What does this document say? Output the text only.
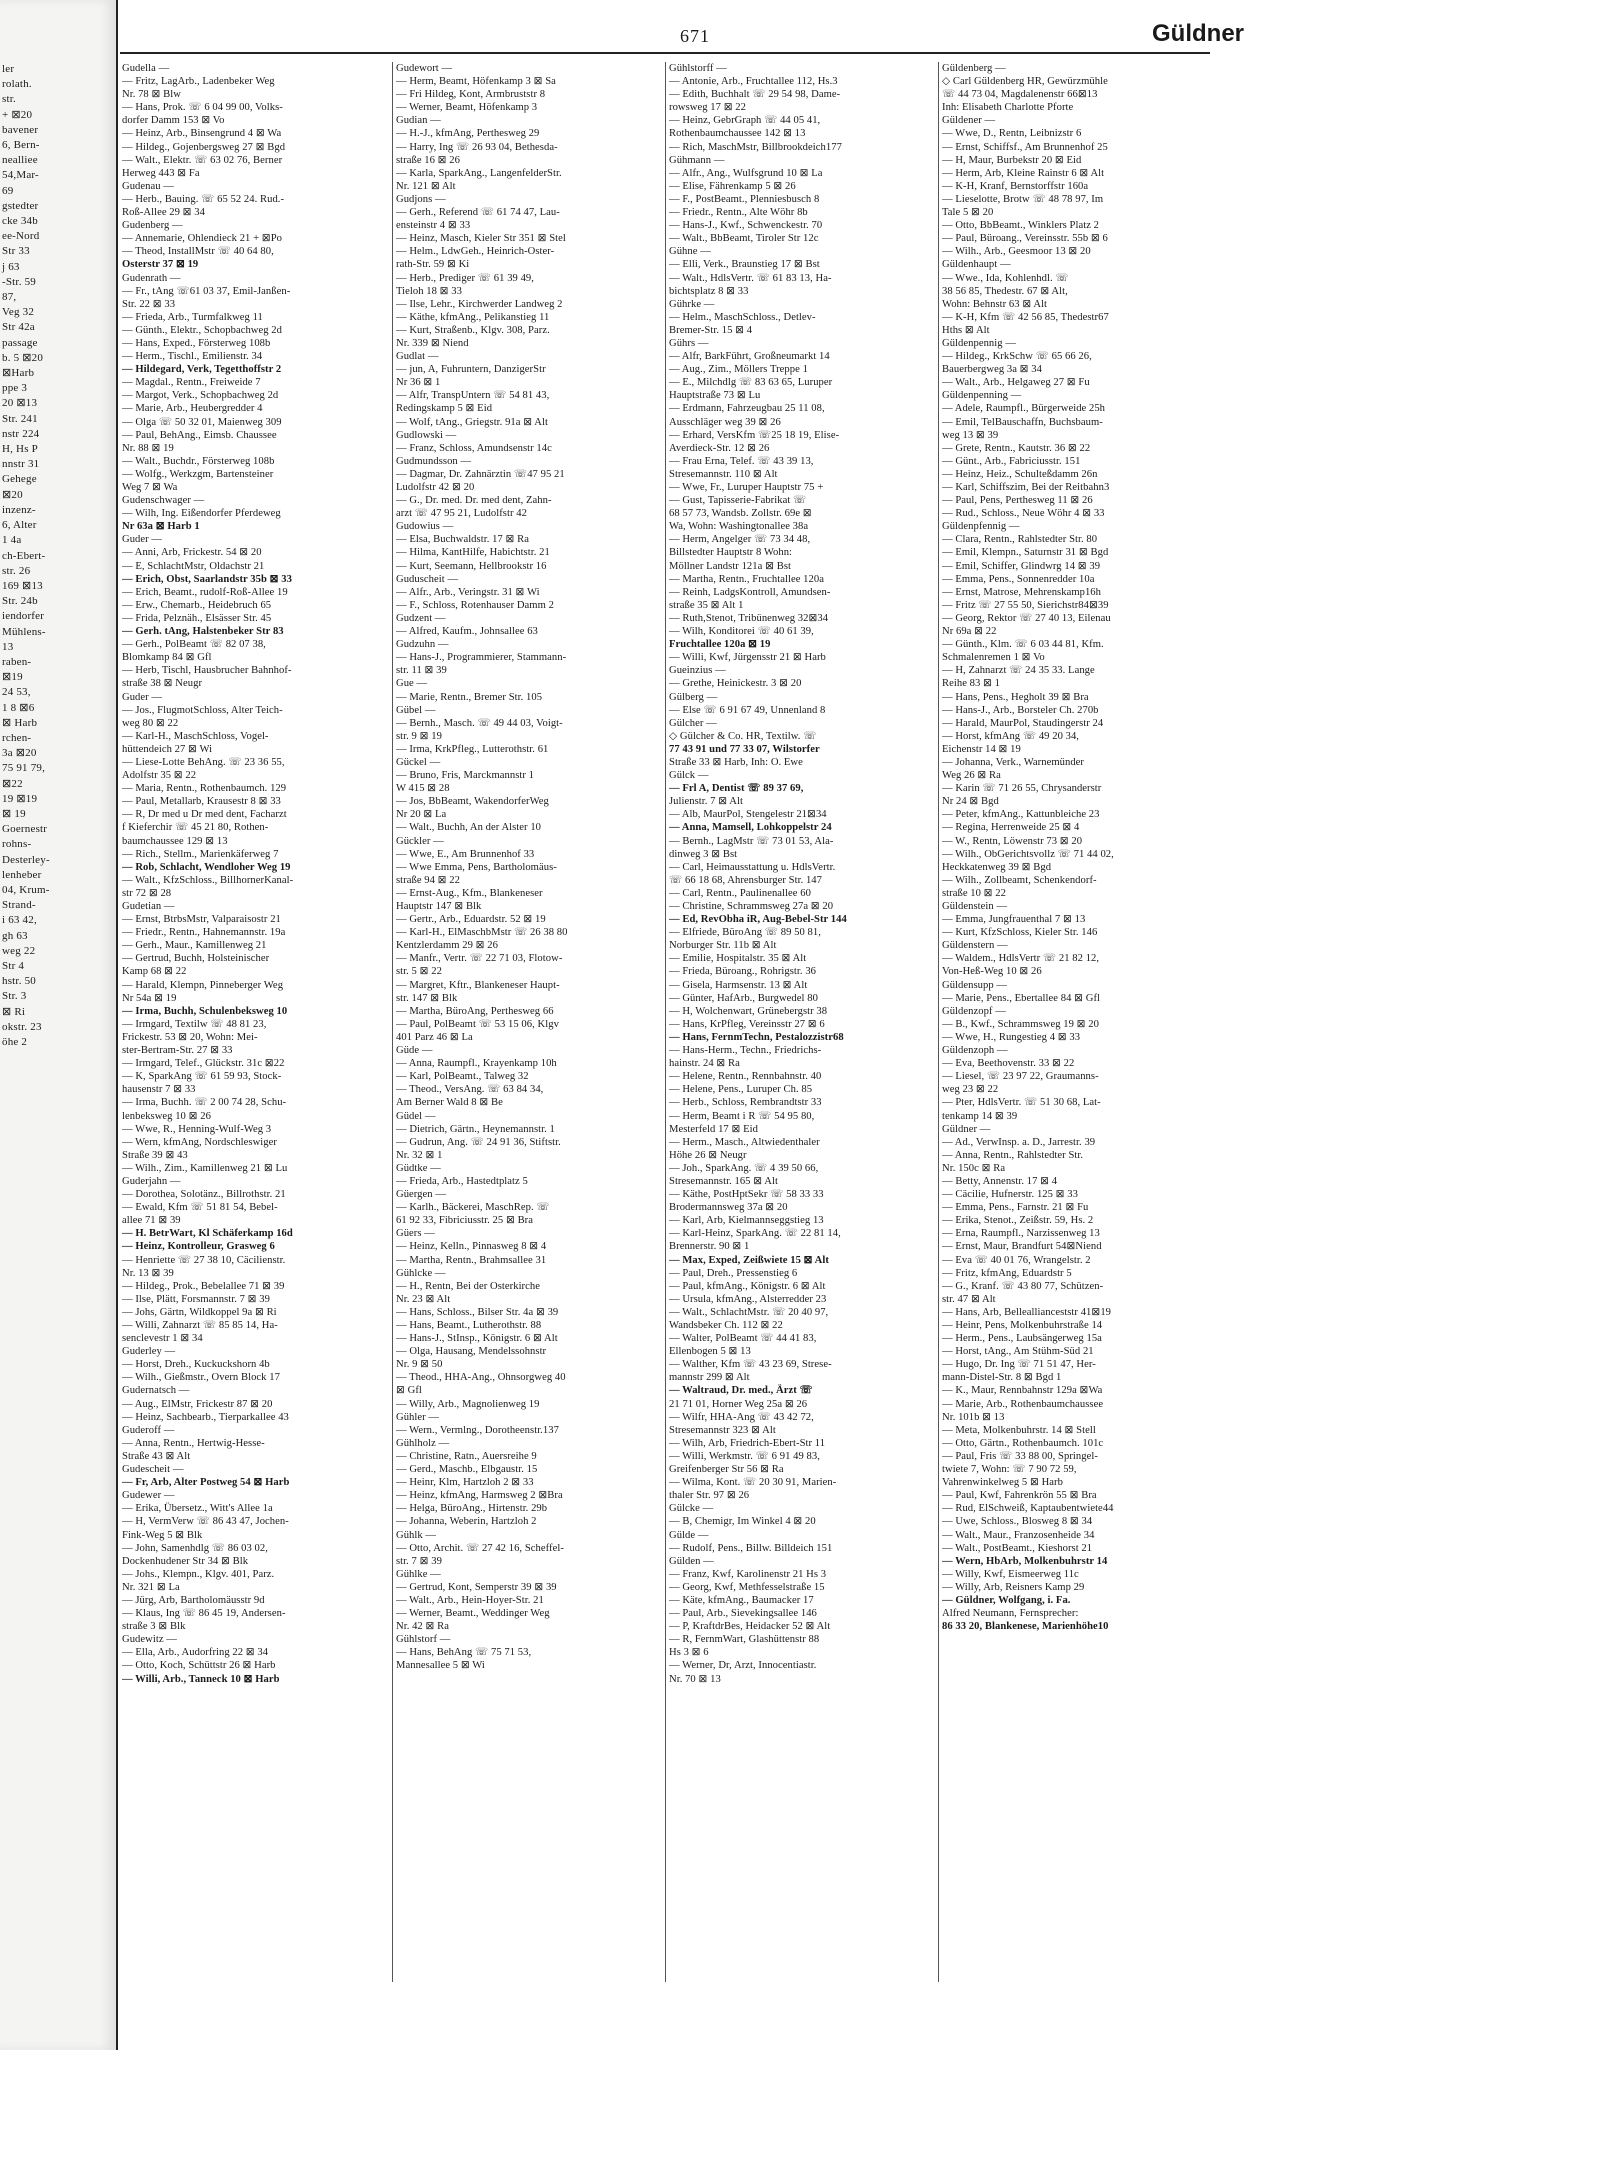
ler
rolath.
str.
+ ⊠20
bavener
6, Bern-
nealliee
54,Mar-
69
gstedter
cke 34b
ee-Nord
Str 33
j 63
-Str. 59
87,
Veg 32
Str 42a
passage
b. 5 ⊠20
⊠Harb
ppe 3
20 ⊠13
Str. 241
nstr 224
H, Hs P
nnstr 31
Gehege
⊠20
inzenz-
6, Alter
1 4a
ch-Ebert-
str. 26
169 ⊠13
Str. 24b
iendorfer
Mühlens-
13
raben-
⊠19
24 53,
1 8 ⊠6
⊠ Harb
rchen-
3a ⊠20
75 91 79,
⊠22
19 ⊠19
⊠ 19
Goernestr
rohns-
Desterley-
lenheber
04, Krum-
Strand-
i 63 42,
gh 63
weg 22
Str 4
hstr. 50
Str. 3
⊠ Ri
okstr. 23
öhe 2
671	Güldner
Gudella —
— Fritz, LagArb., Ladenbeker Weg
Nr. 78 ⊠ Blw
— Hans, Prok. ☏ 6 04 99 00, Volks-
dorfer Damm 153 ⊠ Vo
— Heinz, Arb., Binsengrund 4 ⊠ Wa
— Hildeg., Gojenbergsweg 27 ⊠ Bgd
— Walt., Elektr. ☏ 63 02 76, Berner
Herweg 443 ⊠ Fa
Gudenau —
— Herb., Bauing. ☏ 65 52 24. Rud.-
Roß-Allee 29 ⊠ 34
Gudenberg —
— Annemarie, Ohlendieck 21 + ⊠Po
— Theod, InstallMstr ☏ 40 64 80,
Osterstr 37 ⊠ 19
Gudenrath —
— Fr., tAng ☏61 03 37, Emil-Janßen-
Str. 22 ⊠ 33
— Frieda, Arb., Turmfalkweg 11
— Günth., Elektr., Schopbachweg 2d
— Hans, Exped., Försterweg 108b
— Herm., Tischl., Emilienstr. 34
— Hildegard, Verk, Tegetthoffstr 2
— Magdal., Rentn., Freiweide 7
— Margot, Verk., Schopbachweg 2d
— Marie, Arb., Heubergredder 4
— Olga ☏ 50 32 01, Maienweg 309
— Paul, BehAng., Eimsb. Chaussee
Nr. 88 ⊠ 19
— Walt., Buchdr., Försterweg 108b
— Wolfg., Werkzgm, Bartensteiner
Weg 7 ⊠ Wa
Gudenschwager —
— Wilh, Ing. Eißendorfer Pferdeweg
Nr 63a ⊠ Harb 1
Guder —
— Anni, Arb, Frickestr. 54 ⊠ 20
— E, SchlachtMstr, Oldachstr 21
— Erich, Obst, Saarlandstr 35b ⊠ 33
— Erich, Beamt., rudolf-Roß-Allee 19
— Erw., Chemarb., Heidebruch 65
— Frida, Pelznäh., Elsässer Str. 45
— Gerh. tAng, Halstenbeker Str 83
— Gerh., PolBeamt ☏ 82 07 38,
Blomkamp 84 ⊠ Gfl
— Herb, Tischl, Hausbrucher Bahnhof-
straße 38 ⊠ Neugr
Guder —
— Jos., FlugmotSchloss, Alter Teich-
weg 80 ⊠ 22
— Karl-H., MaschSchloss, Vogel-
hüttendeich 27 ⊠ Wi
— Liese-Lotte BehAng. ☏ 23 36 55,
Adolfstr 35 ⊠ 22
— Maria, Rentn., Rothenbaumch. 129
— Paul, Metallarb, Krausestr 8 ⊠ 33
— R, Dr med u Dr med dent, Facharzt
f Kieferchir ☏ 45 21 80, Rothen-
baumchaussee 129 ⊠ 13
— Rich., Stellm., Marienkäferweg 7
— Rob, Schlacht, Wendloher Weg 19
— Walt., KfzSchloss., BillhornerKanal-
str 72 ⊠ 28
Gudetian —
— Ernst, BtrbsMstr, Valparaisostr 21
— Friedr., Rentn., Hahnemannstr. 19a
— Gerh., Maur., Kamillenweg 21
— Gertrud, Buchh, Holsteinischer
Kamp 68 ⊠ 22
— Harald, Klempn, Pinneberger Weg
Nr 54a ⊠ 19
— Irma, Buchh, Schulenbeksweg 10
— Irmgard, Textilw ☏ 48 81 23,
Frickestr. 53 ⊠ 20, Wohn: Mei-
ster-Bertram-Str. 27 ⊠ 33
— Irmgard, Telef., Glückstr. 31c ⊠22
— K, SparkAng ☏ 61 59 93, Stock-
hausenstr 7 ⊠ 33
— Irma, Buchh. ☏ 2 00 74 28, Schu-
lenbeksweg 10 ⊠ 26
— Wwe, R., Henning-Wulf-Weg 3
— Wern, kfmAng, Nordschleswiger
Straße 39 ⊠ 43
— Wilh., Zim., Kamillenweg 21 ⊠ Lu
Guderjahn —
— Dorothea, Solotänz., Billrothstr. 21
— Ewald, Kfm ☏ 51 81 54, Bebel-
allee 71 ⊠ 39
— H. BetrWart, Kl Schäferkamp 16d
— Heinz, Kontrolleur, Grasweg 6
— Henriette ☏ 27 38 10, Cäcilienstr.
Nr. 13 ⊠ 39
— Hildeg., Prok., Bebelallee 71 ⊠ 39
— Ilse, Plätt, Forsmannstr. 7 ⊠ 39
— Johs, Gärtn, Wildkoppel 9a ⊠ Ri
— Willi, Zahnarzt ☏ 85 85 14, Ha-
senclevestr 1 ⊠ 34
Guderley —
— Horst, Dreh., Kuckuckshorn 4b
— Wilh., Gießmstr., Overn Block 17
Gudernatsch —
— Aug., ElMstr, Frickestr 87 ⊠ 20
— Heinz, Sachbearb., Tierparkallee 43
Guderoff —
— Anna, Rentn., Hertwig-Hesse-
Straße 43 ⊠ Alt
Gudescheit —
— Fr, Arb, Alter Postweg 54 ⊠ Harb
Gudewer —
— Erika, Übersetz., Witt's Allee 1a
— H, VermVerw ☏ 86 43 47, Jochen-
Fink-Weg 5 ⊠ Blk
— John, Samenhdlg ☏ 86 03 02,
Dockenhudener Str 34 ⊠ Blk
— Johs., Klempn., Klgv. 401, Parz.
Nr. 321 ⊠ La
— Jürg, Arb, Bartholomäusstr 9d
— Klaus, Ing ☏ 86 45 19, Andersen-
straße 3 ⊠ Blk
Gudewitz —
— Ella, Arb., Audorfring 22 ⊠ 34
— Otto, Koch, Schüttstr 26 ⊠ Harb
— Willi, Arb., Tanneck 10 ⊠ Harb
Gudewort —
— Herm, Beamt, Höfenkamp 3 ⊠ Sa
— Fri Hildeg, Kont, Armbruststr 8
— Werner, Beamt, Höfenkamp 3
Gudian —
— H.-J., kfmAng, Perthesweg 29
— Harry, Ing ☏ 26 93 04, Bethesda-
straße 16 ⊠ 26
— Karla, SparkAng., LangenfelderStr.
Nr. 121 ⊠ Alt
Gudjons —
— Gerh., Referend ☏ 61 74 47, Lau-
ensteinstr 4 ⊠ 33
— Heinz, Masch, Kieler Str 351 ⊠ Stel
— Helm., LdwGeh., Heinrich-Oster-
rath-Str. 59 ⊠ Ki
— Herb., Prediger ☏ 61 39 49,
Tieloh 18 ⊠ 33
— Ilse, Lehr., Kirchwerder Landweg 2
— Käthe, kfmAng., Pelikanstieg 11
— Kurt, Straßenb., Klgv. 308, Parz.
Nr. 339 ⊠ Niend
Gudlat —
— jun, A, Fuhruntern, DanzigerStr
Nr 36 ⊠ 1
— Alfr, TranspUntern ☏ 54 81 43,
Redingskamp 5 ⊠ Eid
— Wolf, tAng., Griegstr. 91a ⊠ Alt
Gudlowski —
— Franz, Schloss, Amundsenstr 14c
Gudmundsson —
— Dagmar, Dr. Zahnärztin ☏47 95 21
Ludolfstr 42 ⊠ 20
— G., Dr. med. Dr. med dent, Zahn-
arzt ☏ 47 95 21, Ludolfstr 42
Gudowius —
— Elsa, Buchwaldstr. 17 ⊠ Ra
— Hilma, KantHilfe, Habichtstr. 21
— Kurt, Seemann, Hellbrookstr 16
Guduscheit —
— Alfr., Arb., Veringstr. 31 ⊠ Wi
— F., Schloss, Rotenhauser Damm 2
Gudzent —
— Alfred, Kaufm., Johnsallee 63
Gudzuhn —
— Hans-J., Programmierer, Stammann-
str. 11 ⊠ 39
Gue —
— Marie, Rentn., Bremer Str. 105
Gübel —
— Bernh., Masch. ☏ 49 44 03, Voigt-
str. 9 ⊠ 19
— Irma, KrkPfleg., Lutterothstr. 61
Gückel —
— Bruno, Fris, Marckmannstr 1
W 415 ⊠ 28
— Jos, BbBeamt, WakendorferWeg
Nr 20 ⊠ La
— Walt., Buchh, An der Alster 10
Gückler —
— Wwe, E., Am Brunnenhof 33
— Wwe Emma, Pens, Bartholomäus-
straße 94 ⊠ 22
— Ernst-Aug., Kfm., Blankeneser
Hauptstr 147 ⊠ Blk
— Gertr., Arb., Eduardstr. 52 ⊠ 19
— Karl-H., ElMaschbMstr ☏ 26 38 80
Kentzlerdamm 29 ⊠ 26
— Manfr., Vertr. ☏ 22 71 03, Flotow-
str. 5 ⊠ 22
— Margret, Kftr., Blankeneser Haupt-
str. 147 ⊠ Blk
— Martha, BüroAng, Perthesweg 66
— Paul, PolBeamt ☏ 53 15 06, Klgv
401 Parz 46 ⊠ La
Güde —
— Anna, Raumpfl., Krayenkamp 10h
— Karl, PolBeamt., Talweg 32
— Theod., VersAng. ☏ 63 84 34,
Am Berner Wald 8 ⊠ Be
Güdel —
— Dietrich, Gärtn., Heynemannstr. 1
— Gudrun, Ang. ☏ 24 91 36, Stiftstr.
Nr. 32 ⊠ 1
Güdtke —
— Frieda, Arb., Hastedtplatz 5
Güergen —
— Karlh., Bäckerei, MaschRep. ☏
61 92 33, Fibriciusstr. 25 ⊠ Bra
Güers —
— Heinz, Kelln., Pinnasweg 8 ⊠ 4
— Martha, Rentn., Brahmsallee 31
Gühlcke —
— H., Rentn, Bei der Osterkirche
Nr. 23 ⊠ Alt
— Hans, Schloss., Bilser Str. 4a ⊠ 39
— Hans, Beamt., Lutherothstr. 88
— Hans-J., StInsp., Königstr. 6 ⊠ Alt
— Olga, Hausang, Mendelssohnstr
Nr. 9 ⊠ 50
— Theod., HHA-Ang., Ohnsorgweg 40
⊠ Gfl
— Willy, Arb., Magnolienweg 19
Gühler —
— Wern., Vermlng., Dorotheenstr.137
Gühlholz —
— Christine, Ratn., Auersreihe 9
— Gerd., Maschb., Elbgaustr. 15
— Heinr, Klm, Hartzloh 2 ⊠ 33
— Heinz, kfmAng, Harmsweg 2 ⊠Bra
— Helga, BüroAng., Hirtenstr. 29b
— Johanna, Weberin, Hartzloh 2
Gühlk —
— Otto, Archit. ☏ 27 42 16, Scheffel-
str. 7 ⊠ 39
Gühlke —
— Gertrud, Kont, Semperstr 39 ⊠ 39
— Walt., Arb., Hein-Hoyer-Str. 21
— Werner, Beamt., Weddinger Weg
Nr. 42 ⊠ Ra
Gühlstorf —
— Hans, BehAng ☏ 75 71 53,
Mannesallee 5 ⊠ Wi
Gühlstorff —
— Antonie, Arb., Fruchtallee 112, Hs.3
— Edith, Buchhalt ☏ 29 54 98, Dame-
rowsweg 17 ⊠ 22
— Heinz, GebrGraph ☏ 44 05 41,
Rothenbaumchaussee 142 ⊠ 13
— Rich, MaschMstr, Billbrookdeich177
Gühmann —
— Alfr., Ang., Wulfsgrund 10 ⊠ La
— Elise, Fährenkamp 5 ⊠ 26
— F., PostBeamt., Plenniesbusch 8
— Friedr., Rentn., Alte Wöhr 8b
— Hans-J., Kwf., Schwenckestr. 70
— Walt., BbBeamt, Tiroler Str 12c
Gühne —
— Elli, Verk., Braunstieg 17 ⊠ Bst
— Walt., HdlsVertr. ☏ 61 83 13, Ha-
bichtsplatz 8 ⊠ 33
Gührke —
— Helm., MaschSchloss., Detlev-
Bremer-Str. 15 ⊠ 4
Gührs —
— Alfr, BarkFührt, Großneumarkt 14
— Aug., Zim., Möllers Treppe 1
— E., Milchdlg ☏ 83 63 65, Luruper
Hauptstraße 73 ⊠ Lu
— Erdmann, Fahrzeugbau 25 11 08,
Ausschläger weg 39 ⊠ 26
— Erhard, VersKfm ☏25 18 19, Elise-
Averdieck-Str. 12 ⊠ 26
— Frau Erna, Telef. ☏ 43 39 13,
Stresemannstr. 110 ⊠ Alt
— Wwe, Fr., Luruper Hauptstr 75 +
— Gust, Tapisserie-Fabrikat ☏
68 57 73, Wandsb. Zollstr. 69e ⊠
Wa, Wohn: Washingtonallee 38a
— Herm, Angelger ☏ 73 34 48,
Billstedter Hauptstr 8 Wohn:
Möllner Landstr 121a ⊠ Bst
— Martha, Rentn., Fruchtallee 120a
— Reinh, LadgsKontroll, Amundsen-
straße 35 ⊠ Alt 1
— Ruth,Stenot, Tribünenweg 32⊠34
— Wilh, Konditorei ☏ 40 61 39,
Fruchtallee 120a ⊠ 19
— Willi, Kwf, Jürgensstr 21 ⊠ Harb
Gueinzius —
— Grethe, Heinickestr. 3 ⊠ 20
Gülberg —
— Else ☏ 6 91 67 49, Unnenland 8
Gülcher —
◇ Gülcher & Co. HR, Textilw. ☏
77 43 91 und 77 33 07, Wilstorfer
Straße 33 ⊠ Harb, Inh: O. Ewe
Gülck —
— Frl A, Dentist ☏ 89 37 69,
Julienstr. 7 ⊠ Alt
— Alb, MaurPol, Stengelestr 21⊠34
— Anna, Mamsell, Lohkoppelstr 24
— Bernh., LagMstr ☏ 73 01 53, Ala-
dinweg 3 ⊠ Bst
— Carl, Heimausstattung u. HdlsVertr.
☏ 66 18 68, Ahrensburger Str. 147
— Carl, Rentn., Paulinenallee 60
— Christine, Schrammsweg 27a ⊠ 20
— Ed, RevObha iR, Aug-Bebel-Str 144
— Elfriede, BüroAng ☏ 89 50 81,
Norburger Str. 11b ⊠ Alt
— Emilie, Hospitalstr. 35 ⊠ Alt
— Frieda, Büroang., Rohrigstr. 36
— Gisela, Harmsenstr. 13 ⊠ Alt
— Günter, HafArb., Burgwedel 80
— H, Wolchenwart, Grünebergstr 38
— Hans, KrPfleg, Vereinsstr 27 ⊠ 6
— Hans, FernmTechn, Pestalozzistr68
— Hans-Herm., Techn., Friedrichs-
hainstr. 24 ⊠ Ra
— Helene, Rentn., Rennbahnstr. 40
— Helene, Pens., Luruper Ch. 85
— Herb., Schloss, Rembrandtstr 33
— Herm, Beamt i R ☏ 54 95 80,
Mesterfeld 17 ⊠ Eid
— Herm., Masch., Altwiedenthaler
Höhe 26 ⊠ Neugr
— Joh., SparkAng. ☏ 4 39 50 66,
Stresemannstr. 165 ⊠ Alt
— Käthe, PostHptSekr ☏ 58 33 33
Brodermannsweg 37a ⊠ 20
— Karl, Arb, Kielmannseggstieg 13
— Karl-Heinz, SparkAng. ☏ 22 81 14,
Brennerstr. 90 ⊠ 1
— Max, Exped, Zeißwiete 15 ⊠ Alt
— Paul, Dreh., Pressenstieg 6
— Paul, kfmAng., Königstr. 6 ⊠ Alt
— Ursula, kfmAng., Alsterredder 23
— Walt., SchlachtMstr. ☏ 20 40 97,
Wandsbeker Ch. 112 ⊠ 22
— Walter, PolBeamt ☏ 44 41 83,
Ellenbogen 5 ⊠ 13
— Walther, Kfm ☏ 43 23 69, Strese-
mannstr 299 ⊠ Alt
— Waltraud, Dr. med., Ärzt ☏
21 71 01, Horner Weg 25a ⊠ 26
— Wilfr, HHA-Ang ☏ 43 42 72,
Stresemannstr 323 ⊠ Alt
— Wilh, Arb, Friedrich-Ebert-Str 11
— Willi, Werkmstr. ☏ 6 91 49 83,
Greifenberger Str 56 ⊠ Ra
— Wilma, Kont. ☏ 20 30 91, Marien-
thaler Str. 97 ⊠ 26
Gülcke —
— B, Chemigr, Im Winkel 4 ⊠ 20
Gülde —
— Rudolf, Pens., Billw. Billdeich 151
Gülden —
— Franz, Kwf, Karolinenstr 21 Hs 3
— Georg, Kwf, Methfesselstraße 15
— Käte, kfmAng., Baumacker 17
— Paul, Arb., Sievekingsallee 146
— P, KraftdrBes, Heidacker 52 ⊠ Alt
— R, FernmWart, Glashüttenstr 88
Hs 3 ⊠ 6
— Werner, Dr, Arzt, Innocentiastr.
Nr. 70 ⊠ 13
Güldenberg —
◇ Carl Güldenberg HR, Gewürzmühle
☏ 44 73 04, Magdalenenstr 66⊠13
Inh: Elisabeth Charlotte Pforte
Güldener —
— Wwe, D., Rentn, Leibnizstr 6
— Ernst, Schiffsf., Am Brunnenhof 25
— H, Maur, Burbekstr 20 ⊠ Eid
— Herm, Arb, Kleine Rainstr 6 ⊠ Alt
— K-H, Kranf, Bernstorffstr 160a
— Lieselotte, Brotw ☏ 48 78 97, Im
Tale 5 ⊠ 20
— Otto, BbBeamt., Winklers Platz 2
— Paul, Büroang., Vereinsstr. 55b ⊠ 6
— Wilh., Arb., Geesmoor 13 ⊠ 20
Güldenhaupt —
— Wwe., Ida, Kohlenhdl. ☏
38 56 85, Thedestr. 67 ⊠ Alt,
Wohn: Behnstr 63 ⊠ Alt
— K-H, Kfm ☏ 42 56 85, Thedestr67
Hths ⊠ Alt
Güldenpennig —
— Hildeg., KrkSchw ☏ 65 66 26,
Bauerbergweg 3a ⊠ 34
— Walt., Arb., Helgaweg 27 ⊠ Fu
Güldenpenning —
— Adele, Raumpfl., Bürgerweide 25h
— Emil, TelBauschaffn, Buchsbaum-
weg 13 ⊠ 39
— Grete, Rentn., Kautstr. 36 ⊠ 22
— Günt., Arb., Fabriciusstr. 151
— Heinz, Heiz., Schulteßdamm 26n
— Karl, Schiffszim, Bei der Reitbahn3
— Paul, Pens, Perthesweg 11 ⊠ 26
— Rud., Schloss., Neue Wöhr 4 ⊠ 33
Güldenpfennig —
— Clara, Rentn., Rahlstedter Str. 80
— Emil, Klempn., Saturnstr 31 ⊠ Bgd
— Emil, Schiffer, Glindwrg 14 ⊠ 39
— Emma, Pens., Sonnenredder 10a
— Ernst, Matrose, Mehrenskamp16h
— Fritz ☏ 27 55 50, Sierichstr84⊠39
— Georg, Rektor ☏ 27 40 13, Eilenau
Nr 69a ⊠ 22
— Günth., Klm. ☏ 6 03 44 81, Kfm.
Schmalenremen 1 ⊠ Vo
— H, Zahnarzt ☏ 24 35 33. Lange
Reihe 83 ⊠ 1
— Hans, Pens., Hegholt 39 ⊠ Bra
— Hans-J., Arb., Borsteler Ch. 270b
— Harald, MaurPol, Staudingerstr 24
— Horst, kfmAng ☏ 49 20 34,
Eichenstr 14 ⊠ 19
— Johanna, Verk., Warnemünder
Weg 26 ⊠ Ra
— Karin ☏ 71 26 55, Chrysanderstr
Nr 24 ⊠ Bgd
— Peter, kfmAng., Kattunbleiche 23
— Regina, Herrenweide 25 ⊠ 4
— W., Rentn, Löwenstr 73 ⊠ 20
— Wilh., ObGerichtsvollz ☏ 71 44 02,
Heckkatenweg 39 ⊠ Bgd
— Wilh., Zollbeamt, Schenkendorf-
straße 10 ⊠ 22
Güldenstein —
— Emma, Jungfrauenthal 7 ⊠ 13
— Kurt, KfzSchloss, Kieler Str. 146
Güldenstern —
— Waldem., HdlsVertr ☏ 21 82 12,
Von-Heß-Weg 10 ⊠ 26
Güldensupp —
— Marie, Pens., Ebertallee 84 ⊠ Gfl
Güldenzopf —
— B., Kwf., Schrammsweg 19 ⊠ 20
— Wwe, H., Rungestieg 4 ⊠ 33
Güldenzoph —
— Eva, Beethovenstr. 33 ⊠ 22
— Liesel, ☏ 23 97 22, Graumanns-
weg 23 ⊠ 22
— Pter, HdlsVertr. ☏ 51 30 68, Lat-
tenkamp 14 ⊠ 39
Güldner —
— Ad., VerwInsp. a. D., Jarrestr. 39
— Anna, Rentn., Rahlstedter Str.
Nr. 150c ⊠ Ra
— Betty, Annenstr. 17 ⊠ 4
— Cäcilie, Hufnerstr. 125 ⊠ 33
— Emma, Pens., Farnstr. 21 ⊠ Fu
— Erika, Stenot., Zeißstr. 59, Hs. 2
— Erna, Raumpfl., Narzissenweg 13
— Ernst, Maur, Brandfurt 54⊠Niend
— Eva ☏ 40 01 76, Wrangelstr. 2
— Fritz, kfmAng, Eduardstr 5
— G., Kranf. ☏ 43 80 77, Schützen-
str. 47 ⊠ Alt
— Hans, Arb, Belleallianceststr 41⊠19
— Heinr, Pens, Molkenbuhrstraße 14
— Herm., Pens., Laubsängerweg 15a
— Horst, tAng., Am Stühm-Süd 21
— Hugo, Dr. Ing ☏ 71 51 47, Her-
mann-Distel-Str. 8 ⊠ Bgd 1
— K., Maur, Rennbahnstr 129a ⊠Wa
— Marie, Arb., Rothenbaumchaussee
Nr. 101b ⊠ 13
— Meta, Molkenbuhrstr. 14 ⊠ Stell
— Otto, Gärtn., Rothenbaumch. 101c
— Paul, Fris ☏ 33 88 00, Springel-
twiete 7, Wohn: ☏ 7 90 72 59,
Vahrenwinkelweg 5 ⊠ Harb
— Paul, Kwf, Fahrenkrön 55 ⊠ Bra
— Rud, ElSchweiß, Kaptaubentwiete44
— Uwe, Schloss., Blosweg 8 ⊠ 34
— Walt., Maur., Franzosenheide 34
— Walt., PostBeamt., Kieshorst 21
— Wern, HbArb, Molkenbuhrstr 14
— Willy, Kwf, Eismeerweg 11c
— Willy, Arb, Reisners Kamp 29
— Güldner, Wolfgang, i. Fa.
Alfred Neumann, Fernsprecher:
86 33 20, Blankenese, Marienhöhe10
